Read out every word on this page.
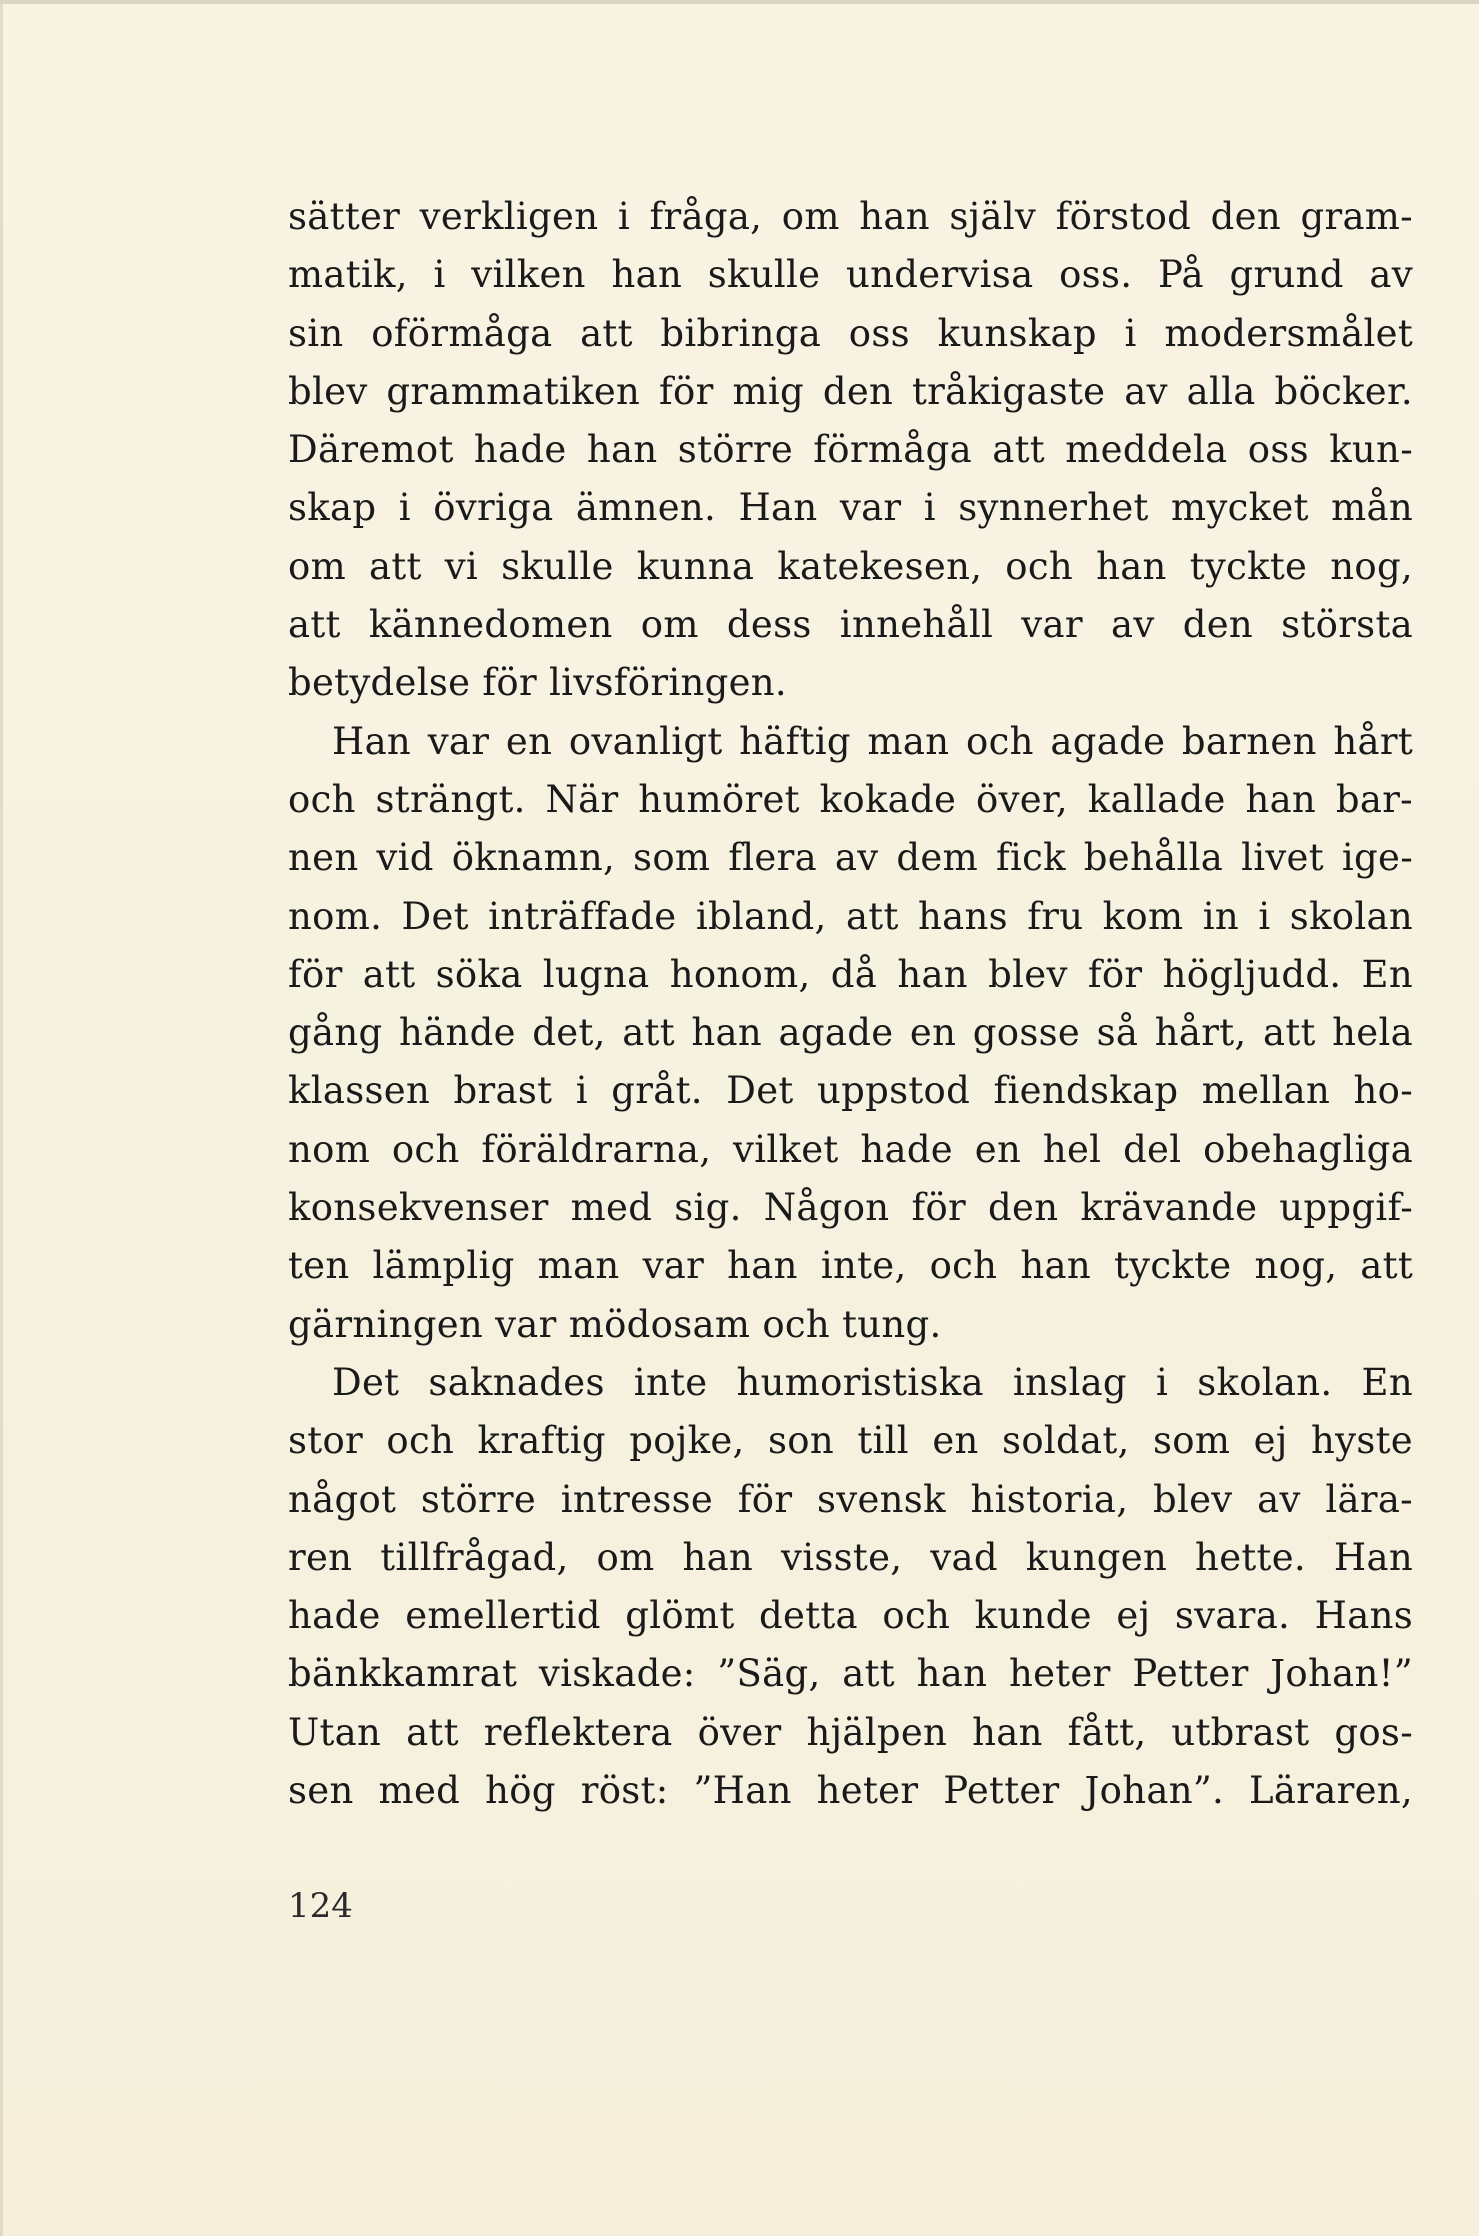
sätter verkligen i fråga, om han själv förstod den gram-
matik, i vilken han skulle undervisa oss. På grund av
sin oförmåga att bibringa oss kunskap i modersmålet
blev grammatiken för mig den tråkigaste av alla böcker.
Däremot hade han större förmåga att meddela oss kun-
skap i övriga ämnen. Han var i synnerhet mycket mån
om att vi skulle kunna katekesen, och han tyckte nog,
att kännedomen om dess innehåll var av den största
betydelse för livsföringen.
Han var en ovanligt häftig man och agade barnen hårt
och strängt. När humöret kokade över, kallade han bar-
nen vid öknamn, som flera av dem fick behålla livet ige-
nom. Det inträffade ibland, att hans fru kom in i skolan
för att söka lugna honom, då han blev för högljudd. En
gång hände det, att han agade en gosse så hårt, att hela
klassen brast i gråt. Det uppstod fiendskap mellan ho-
nom och föräldrarna, vilket hade en hel del obehagliga
konsekvenser med sig. Någon för den krävande uppgif-
ten lämplig man var han inte, och han tyckte nog, att
gärningen var mödosam och tung.
Det saknades inte humoristiska inslag i skolan. En
stor och kraftig pojke, son till en soldat, som ej hyste
något större intresse för svensk historia, blev av lära-
ren tillfrågad, om han visste, vad kungen hette. Han
hade emellertid glömt detta och kunde ej svara. Hans
bänkkamrat viskade: ”Säg, att han heter Petter Johan!”
Utan att reflektera över hjälpen han fått, utbrast gos-
sen med hög röst: ”Han heter Petter Johan”. Läraren,
124
